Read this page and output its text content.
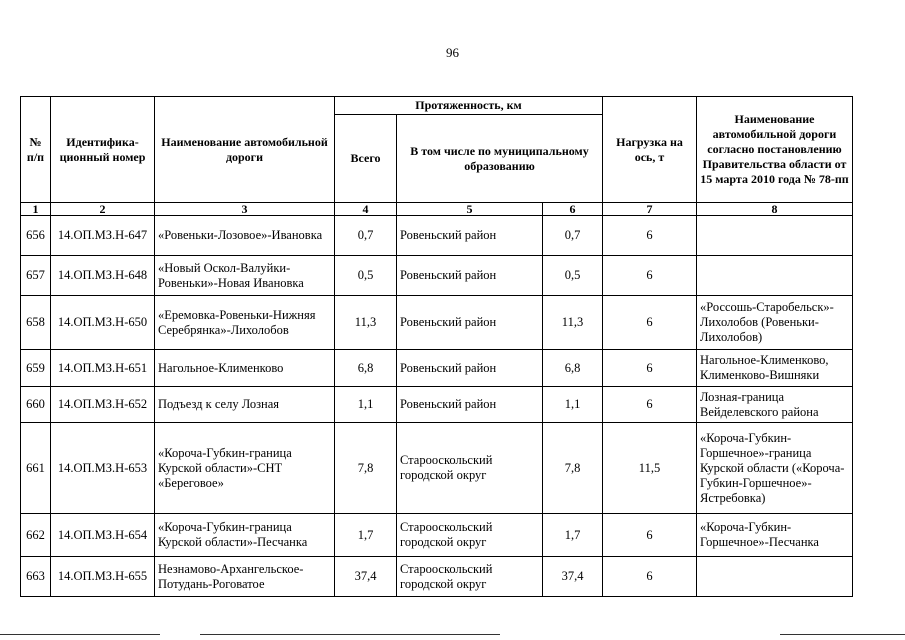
96
№ п/п	Идентифика-ционный номер	Наименование автомобильной дороги	Протяженность, км			Нагрузка на ось, т	Наименование автомобильной дороги согласно постановлению Правительства области от 15 марта 2010 года № 78-пп
			Всего	В том числе по муниципальному образованию			
1	2	3	4	5	6	7	8
656	14.ОП.МЗ.Н-647	«Ровеньки-Лозовое»-Ивановка	0,7	Ровеньский район	0,7	6	
657	14.ОП.МЗ.Н-648	«Новый Оскол-Валуйки-Ровеньки»-Новая Ивановка	0,5	Ровеньский район	0,5	6	
658	14.ОП.МЗ.Н-650	«Еремовка-Ровеньки-Нижняя Серебрянка»-Лихолобов	11,3	Ровеньский район	11,3	6	«Россошь-Старобельск»-Лихолобов (Ровеньки-Лихолобов)
659	14.ОП.МЗ.Н-651	Нагольное-Клименково	6,8	Ровеньский район	6,8	6	Нагольное-Клименково, Клименково-Вишняки
660	14.ОП.МЗ.Н-652	Подъезд к селу Лозная	1,1	Ровеньский район	1,1	6	Лозная-граница Вейделевского района
661	14.ОП.МЗ.Н-653	«Короча-Губкин-граница Курской области»-СНТ «Береговое»	7,8	Старооскольский городской округ	7,8	11,5	«Короча-Губкин-Горшечное»-граница Курской области («Короча-Губкин-Горшечное»-Ястребовка)
662	14.ОП.МЗ.Н-654	«Короча-Губкин-граница Курской области»-Песчанка	1,7	Старооскольский городской округ	1,7	6	«Короча-Губкин-Горшечное»-Песчанка
663	14.ОП.МЗ.Н-655	Незнамово-Архангельское-Потудань-Роговатое	37,4	Старооскольский городской округ	37,4	6	
